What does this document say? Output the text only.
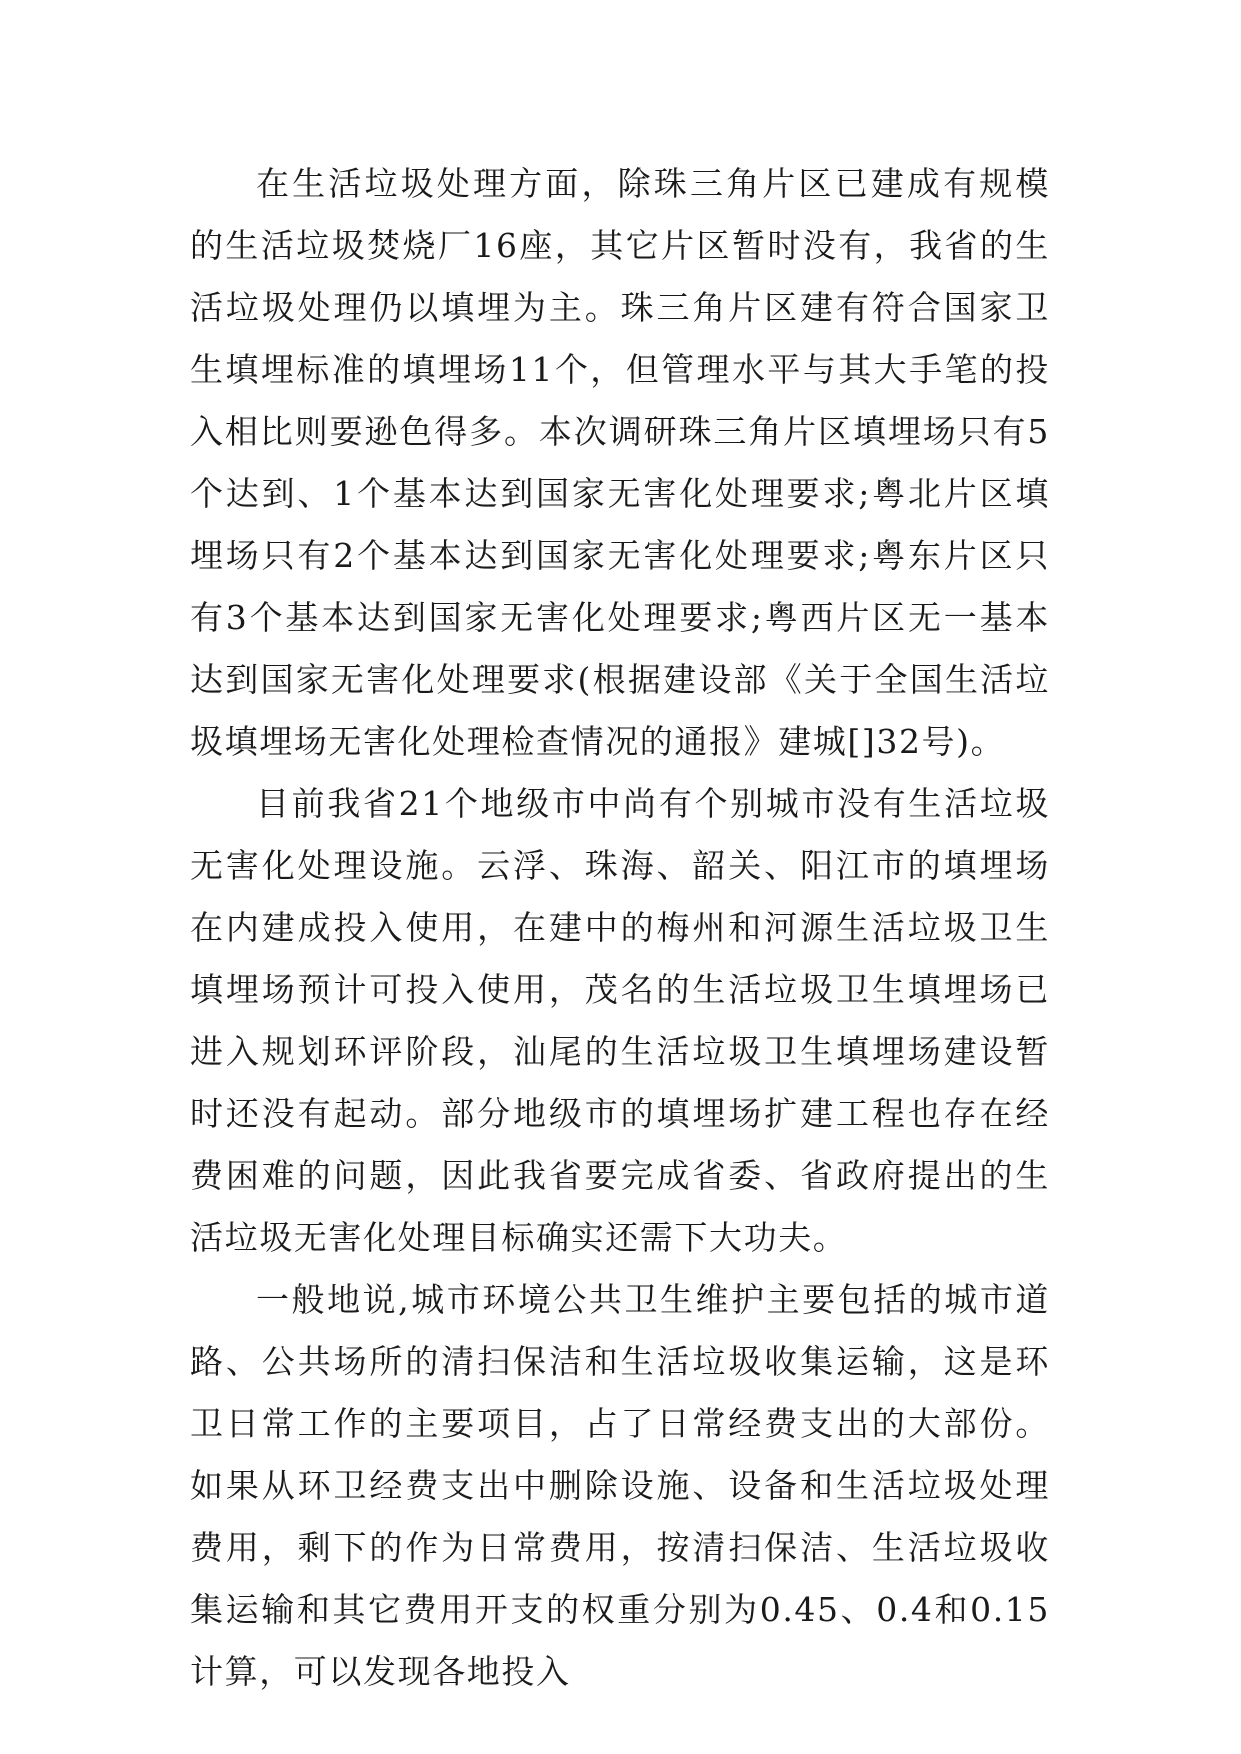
在生活垃圾处理方面，除珠三角片区已建成有规模的生活垃圾焚烧厂16座，其它片区暂时没有，我省的生活垃圾处理仍以填埋为主。珠三角片区建有符合国家卫生填埋标准的填埋场11个，但管理水平与其大手笔的投入相比则要逊色得多。本次调研珠三角片区填埋场只有5个达到、1个基本达到国家无害化处理要求;粤北片区填埋场只有2个基本达到国家无害化处理要求;粤东片区只有3个基本达到国家无害化处理要求;粤西片区无一基本达到国家无害化处理要求(根据建设部《关于全国生活垃圾填埋场无害化处理检查情况的通报》建城[]32号)。

目前我省21个地级市中尚有个别城市没有生活垃圾无害化处理设施。云浮、珠海、韶关、阳江市的填埋场在内建成投入使用，在建中的梅州和河源生活垃圾卫生填埋场预计可投入使用，茂名的生活垃圾卫生填埋场已进入规划环评阶段，汕尾的生活垃圾卫生填埋场建设暂时还没有起动。部分地级市的填埋场扩建工程也存在经费困难的问题，因此我省要完成省委、省政府提出的生活垃圾无害化处理目标确实还需下大功夫。

一般地说,城市环境公共卫生维护主要包括的城市道路、公共场所的清扫保洁和生活垃圾收集运输，这是环卫日常工作的主要项目，占了日常经费支出的大部份。如果从环卫经费支出中删除设施、设备和生活垃圾处理费用，剩下的作为日常费用，按清扫保洁、生活垃圾收集运输和其它费用开支的权重分别为0.45、0.4和0.15计算，可以发现各地投入
